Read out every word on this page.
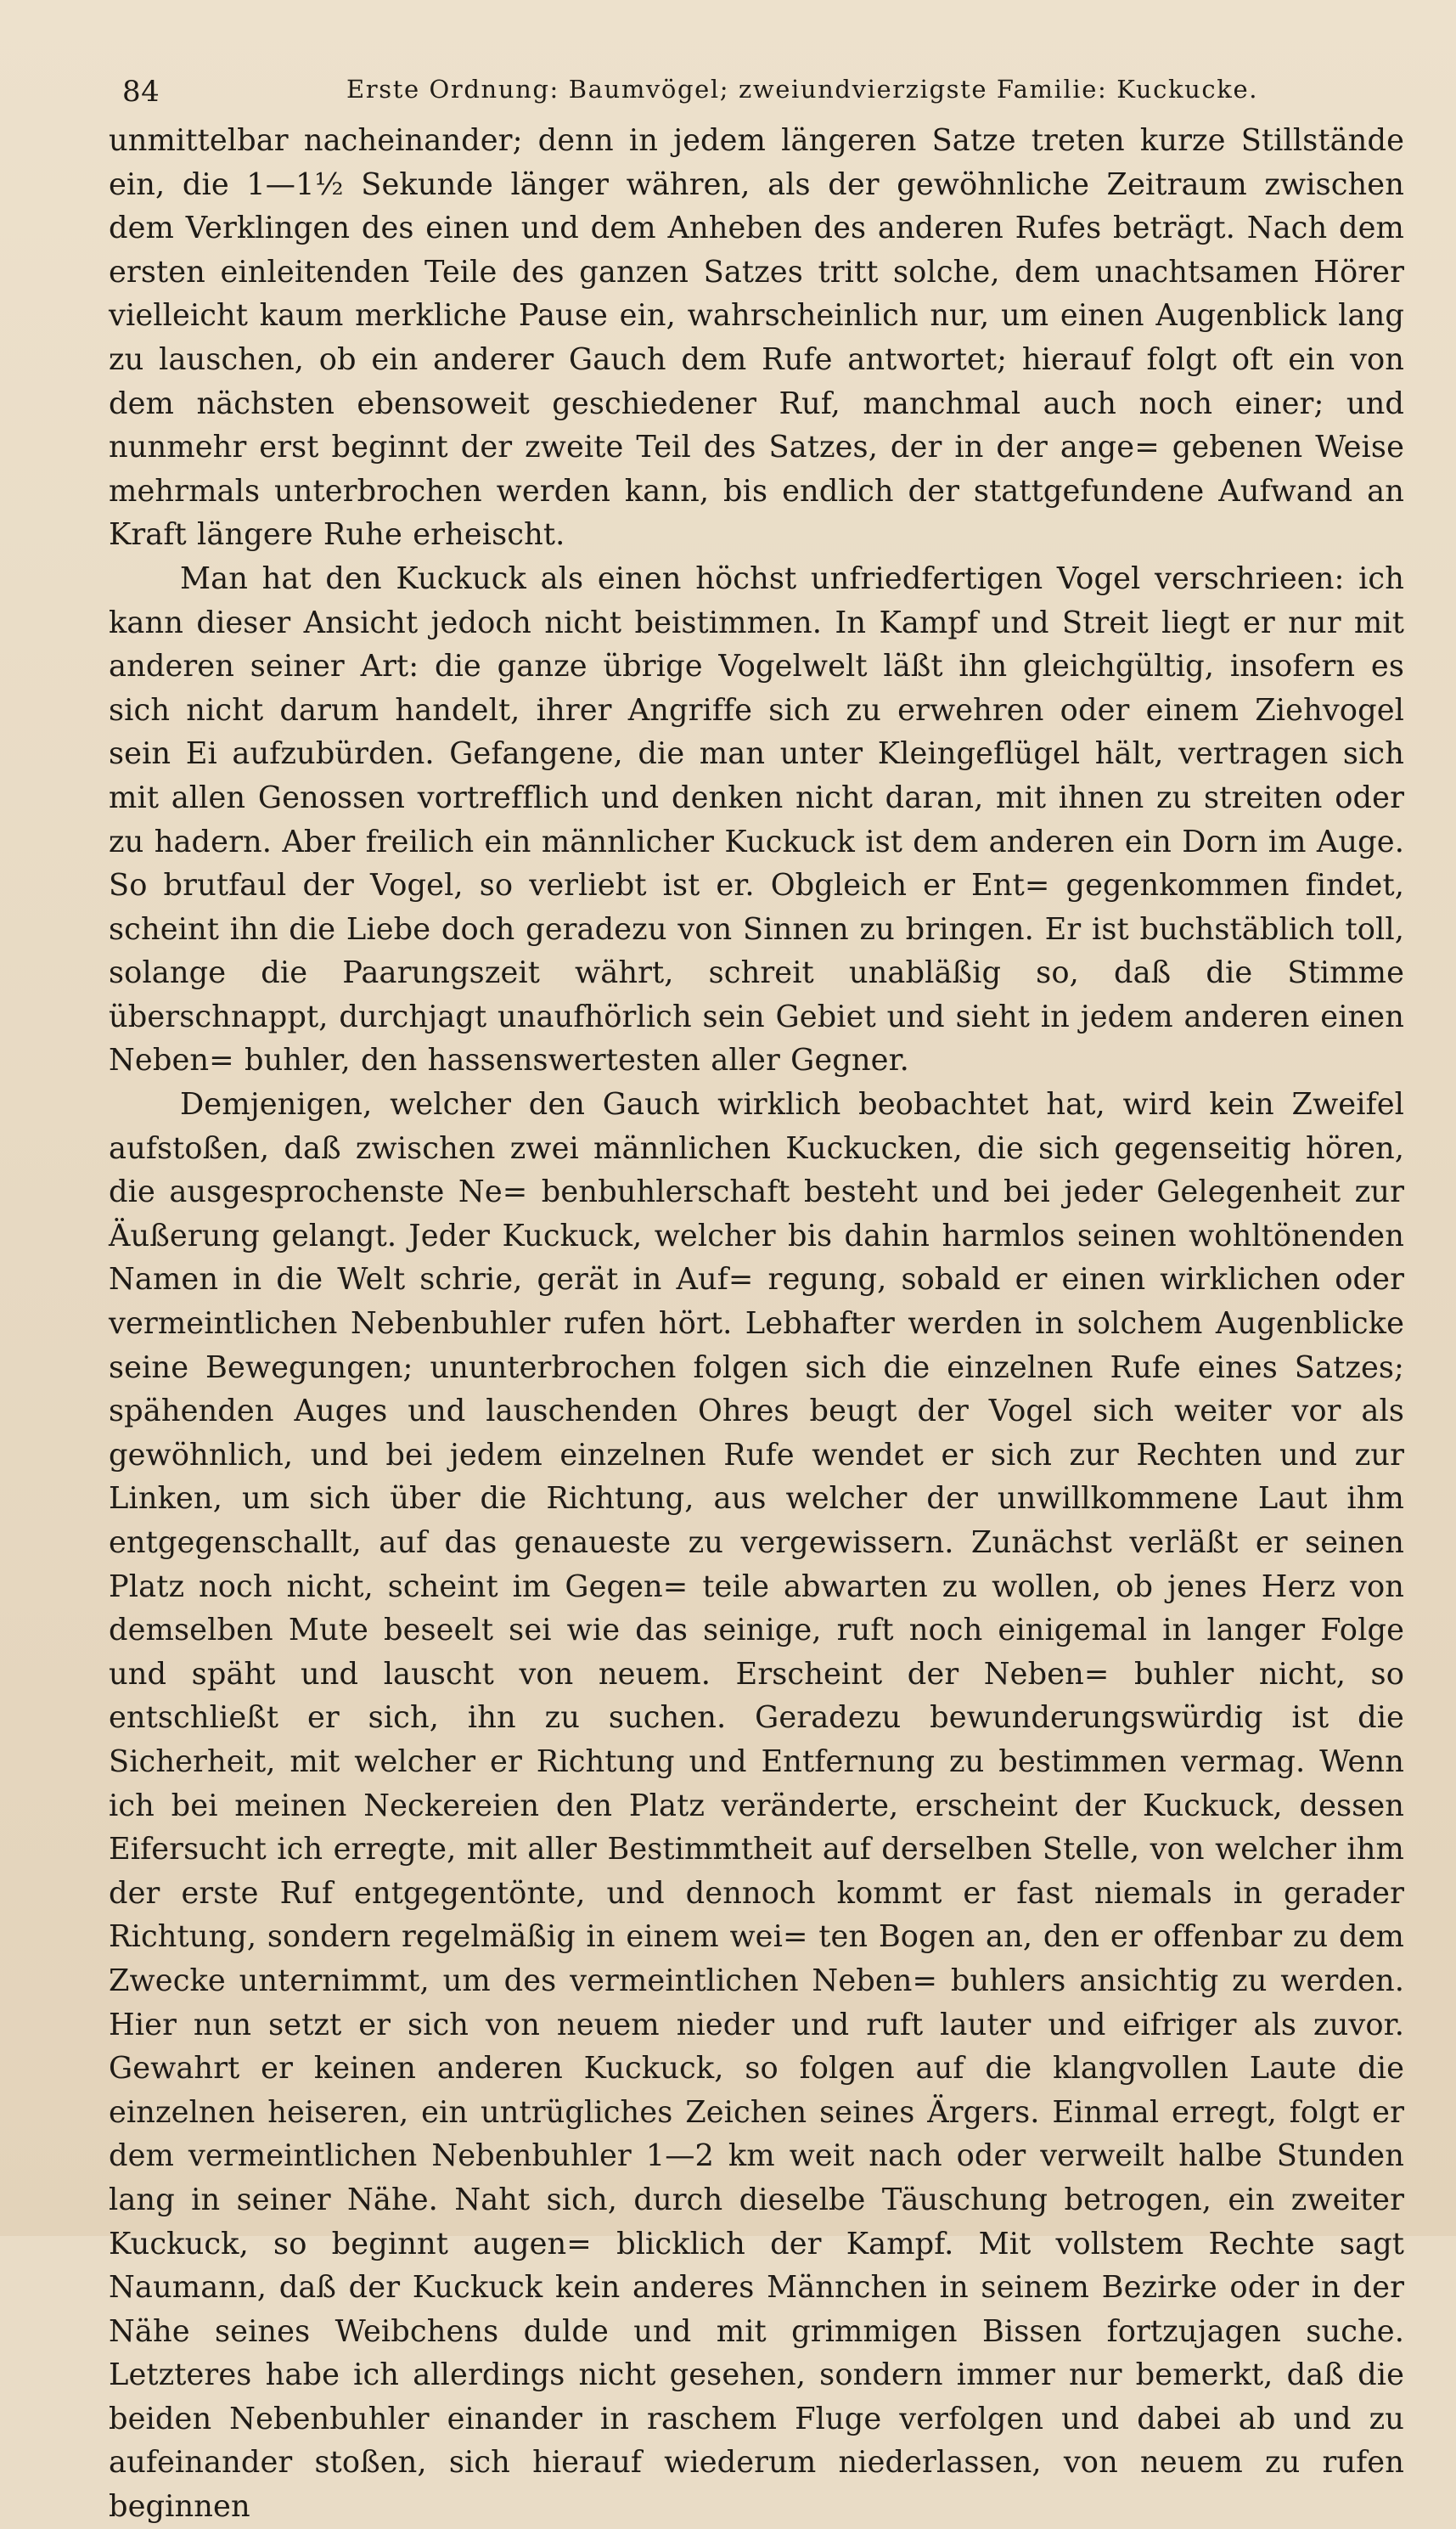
84	Erste Ordnung: Baumvögel; zweiundvierzigste Familie: Kuckucke.

unmittelbar nacheinander; denn in jedem längeren Satze treten kurze Stillstände ein, die 1—1½ Sekunde länger währen, als der gewöhnliche Zeitraum zwischen dem Verklingen des einen und dem Anheben des anderen Rufes beträgt. Nach dem ersten einleitenden Teile des ganzen Satzes tritt solche, dem unachtsamen Hörer vielleicht kaum merkliche Pause ein, wahrscheinlich nur, um einen Augenblick lang zu lauschen, ob ein anderer Gauch dem Rufe antwortet; hierauf folgt oft ein von dem nächsten ebensoweit geschiedener Ruf, manchmal auch noch einer; und nunmehr erst beginnt der zweite Teil des Satzes, der in der ange= gebenen Weise mehrmals unterbrochen werden kann, bis endlich der stattgefundene Aufwand an Kraft längere Ruhe erheischt.

Man hat den Kuckuck als einen höchst unfriedfertigen Vogel verschrieen: ich kann dieser Ansicht jedoch nicht beistimmen. In Kampf und Streit liegt er nur mit anderen seiner Art: die ganze übrige Vogelwelt läßt ihn gleichgültig, insofern es sich nicht darum handelt, ihrer Angriffe sich zu erwehren oder einem Ziehvogel sein Ei aufzubürden. Gefangene, die man unter Kleingeflügel hält, vertragen sich mit allen Genossen vortrefflich und denken nicht daran, mit ihnen zu streiten oder zu hadern. Aber freilich ein männlicher Kuckuck ist dem anderen ein Dorn im Auge. So brutfaul der Vogel, so verliebt ist er. Obgleich er Ent= gegenkommen findet, scheint ihn die Liebe doch geradezu von Sinnen zu bringen. Er ist buchstäblich toll, solange die Paarungszeit währt, schreit unabläßig so, daß die Stimme überschnappt, durchjagt unaufhörlich sein Gebiet und sieht in jedem anderen einen Neben= buhler, den hassenswertesten aller Gegner.

Demjenigen, welcher den Gauch wirklich beobachtet hat, wird kein Zweifel aufstoßen, daß zwischen zwei männlichen Kuckucken, die sich gegenseitig hören, die ausgesprochenste Ne= benbuhlerschaft besteht und bei jeder Gelegenheit zur Äußerung gelangt. Jeder Kuckuck, welcher bis dahin harmlos seinen wohltönenden Namen in die Welt schrie, gerät in Auf= regung, sobald er einen wirklichen oder vermeintlichen Nebenbuhler rufen hört. Lebhafter werden in solchem Augenblicke seine Bewegungen; ununterbrochen folgen sich die einzelnen Rufe eines Satzes; spähenden Auges und lauschenden Ohres beugt der Vogel sich weiter vor als gewöhnlich, und bei jedem einzelnen Rufe wendet er sich zur Rechten und zur Linken, um sich über die Richtung, aus welcher der unwillkommene Laut ihm entgegenschallt, auf das genaueste zu vergewissern. Zunächst verläßt er seinen Platz noch nicht, scheint im Gegen= teile abwarten zu wollen, ob jenes Herz von demselben Mute beseelt sei wie das seinige, ruft noch einigemal in langer Folge und späht und lauscht von neuem. Erscheint der Neben= buhler nicht, so entschließt er sich, ihn zu suchen. Geradezu bewunderungswürdig ist die Sicherheit, mit welcher er Richtung und Entfernung zu bestimmen vermag. Wenn ich bei meinen Neckereien den Platz veränderte, erscheint der Kuckuck, dessen Eifersucht ich erregte, mit aller Bestimmtheit auf derselben Stelle, von welcher ihm der erste Ruf entgegentönte, und dennoch kommt er fast niemals in gerader Richtung, sondern regelmäßig in einem wei= ten Bogen an, den er offenbar zu dem Zwecke unternimmt, um des vermeintlichen Neben= buhlers ansichtig zu werden. Hier nun setzt er sich von neuem nieder und ruft lauter und eifriger als zuvor. Gewahrt er keinen anderen Kuckuck, so folgen auf die klangvollen Laute die einzelnen heiseren, ein untrügliches Zeichen seines Ärgers. Einmal erregt, folgt er dem vermeintlichen Nebenbuhler 1—2 km weit nach oder verweilt halbe Stunden lang in seiner Nähe. Naht sich, durch dieselbe Täuschung betrogen, ein zweiter Kuckuck, so beginnt augen= blicklich der Kampf. Mit vollstem Rechte sagt Naumann, daß der Kuckuck kein anderes Männchen in seinem Bezirke oder in der Nähe seines Weibchens dulde und mit grimmigen Bissen fortzujagen suche. Letzteres habe ich allerdings nicht gesehen, sondern immer nur bemerkt, daß die beiden Nebenbuhler einander in raschem Fluge verfolgen und dabei ab und zu aufeinander stoßen, sich hierauf wiederum niederlassen, von neuem zu rufen beginnen
